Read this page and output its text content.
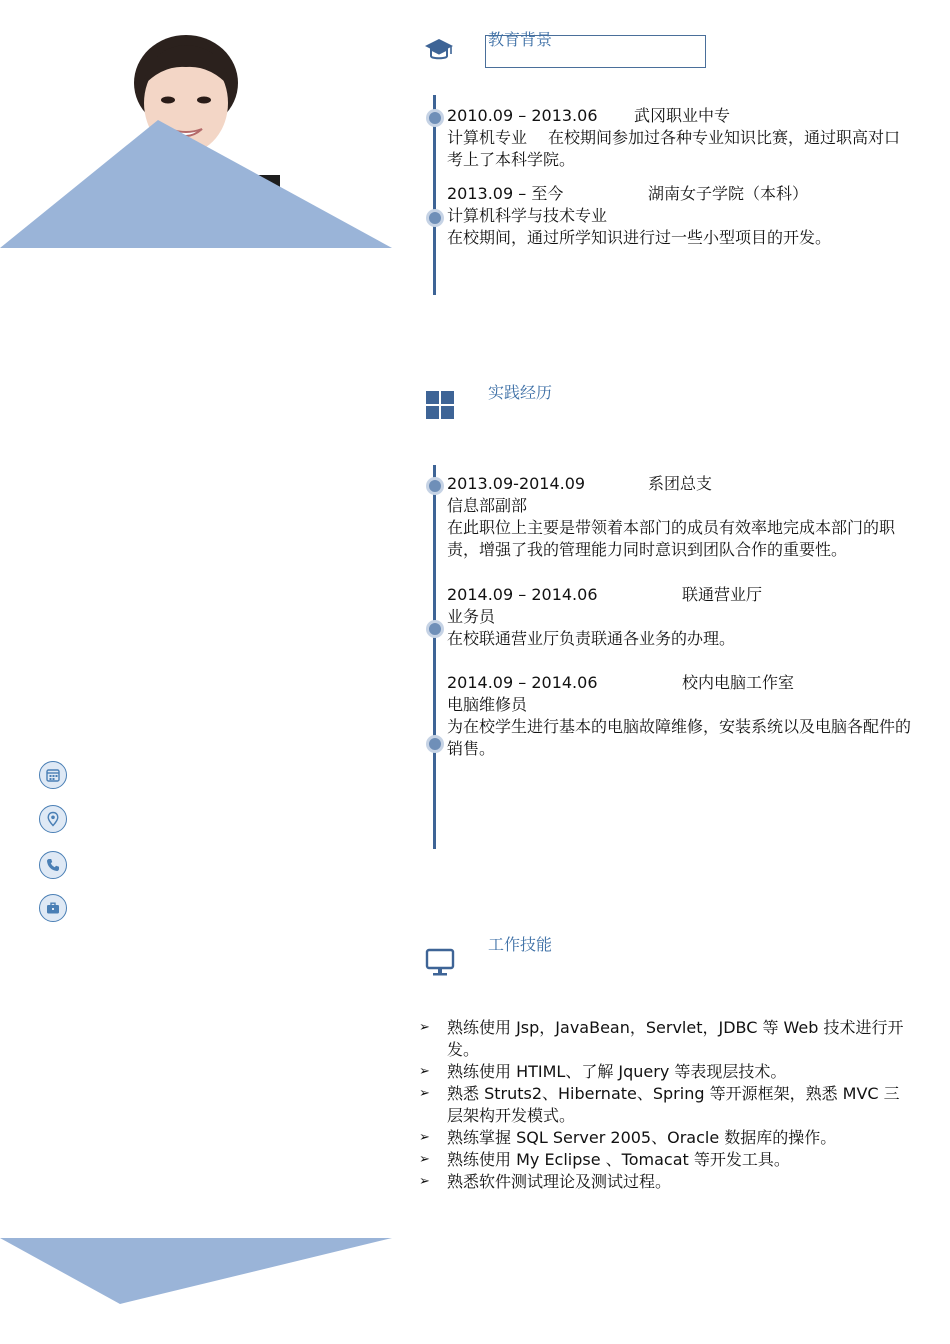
教育背景
2010.09 – 2013.06 武冈职业中专
计算机专业	在校期间参加过各种专业知识比赛，通过职高对口考上了本科学院。
2013.09 – 至今	湖南女子学院（本科）
计算机科学与技术专业
在校期间，通过所学知识进行过一些小型项目的开发。
实践经历
2013.09-2014.09	系团总支
信息部副部
在此职位上主要是带领着本部门的成员有效率地完成本部门的职责，增强了我的管理能力同时意识到团队合作的重要性。
2014.09 – 2014.06	联通营业厅
业务员
在校联通营业厅负责联通各业务的办理。
2014.09 – 2014.06	校内电脑工作室
电脑维修员
为在校学生进行基本的电脑故障维修，安装系统以及电脑各配件的销售。
工作技能
➢	熟练使用 Jsp，JavaBean，Servlet，JDBC 等 Web 技术进行开发。
➢	熟练使用 HTIML、了解 Jquery 等表现层技术。
➢	熟悉 Struts2、Hibernate、Spring 等开源框架，熟悉 MVC 三层架构开发模式。
➢	熟练掌握 SQL Server 2005、Oracle 数据库的操作。
➢	熟练使用 My Eclipse 、Tomacat 等开发工具。
➢	熟悉软件测试理论及测试过程。
